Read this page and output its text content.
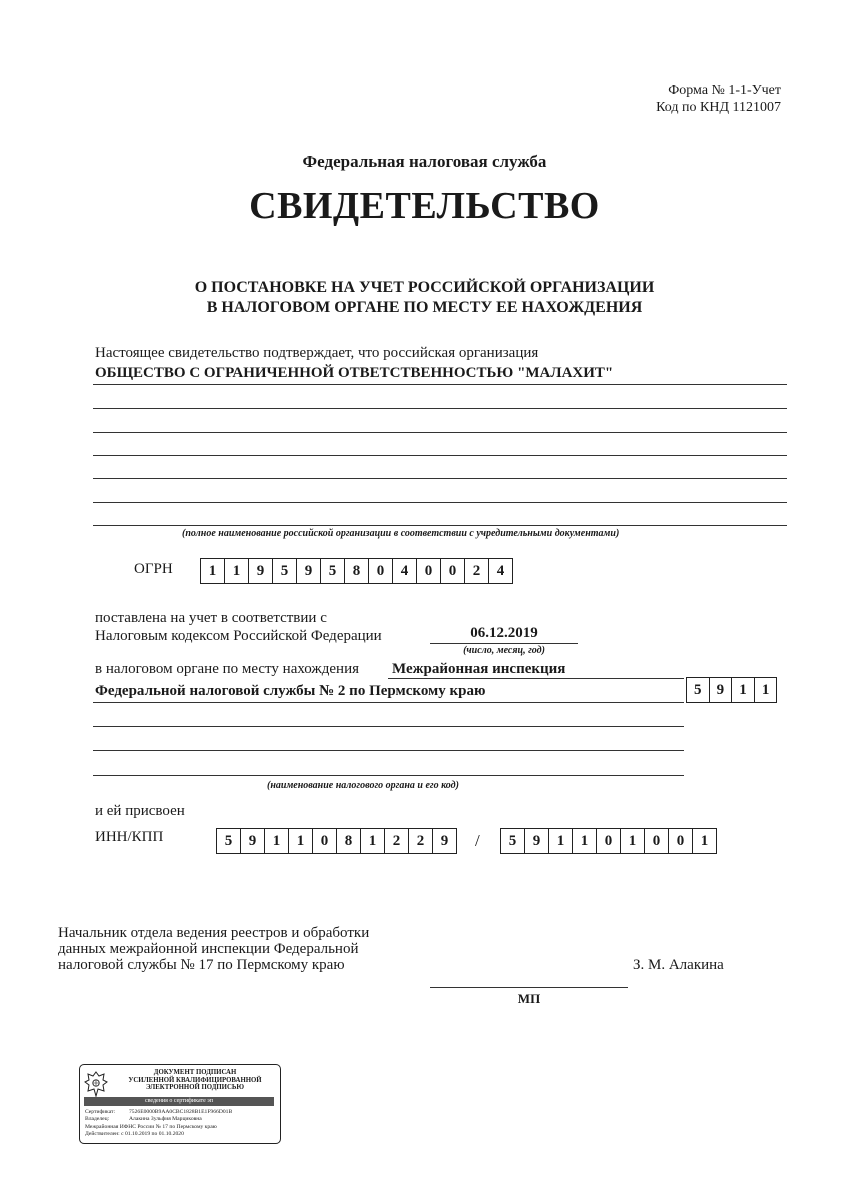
Форма № 1-1-Учет
Код по КНД 1121007
Федеральная налоговая служба
СВИДЕТЕЛЬСТВО
О ПОСТАНОВКЕ НА УЧЕТ РОССИЙСКОЙ ОРГАНИЗАЦИИ
В НАЛОГОВОМ ОРГАНЕ ПО МЕСТУ ЕЕ НАХОЖДЕНИЯ
Настоящее свидетельство подтверждает, что российская организация
ОБЩЕСТВО С ОГРАНИЧЕННОЙ ОТВЕТСТВЕННОСТЬЮ "МАЛАХИТ"
(полное наименование российской организации в соответствии с учредительными документами)
ОГРН	1	1	9	5	9	5	8	0	4	0	0	2	4
поставлена на учет в соответствии с
Налоговым кодексом Российской Федерации	06.12.2019
(число, месяц, год)
в налоговом органе по месту нахождения Межрайонная инспекция
Федеральной налоговой службы № 2 по Пермскому краю	5	9	1	1
(наименование налогового органа и его код)
и ей присвоен
ИНН/КПП	5	9	1	1	0	8	1	2	2	9	/	5	9	1	1	0	1	0	0	1
Начальник отдела ведения реестров и обработки
данных межрайонной инспекции Федеральной
налоговой службы № 17 по Пермскому краю	З. М. Алакина
МП
ДОКУМЕНТ ПОДПИСАН
УСИЛЕННОЙ КВАЛИФИЦИРОВАННОЙ
ЭЛЕКТРОННОЙ ПОДПИСЬЮ
сведения о сертификате эп
Сертификат: 7526E0000B9AA0CBC1828B1E1F966D01B
Владелец:	Алакина Зульфия Марциковна
Межрайонная ИФНС России № 17 по Пермскому краю
Действителен: с 01.10.2019 по 01.10.2020
